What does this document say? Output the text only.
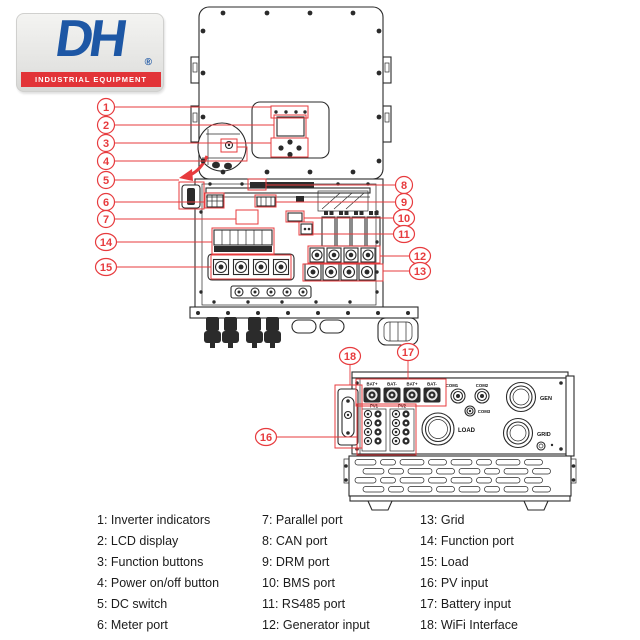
DH	®
INDUSTRIAL EQUIPMENT
BAT+ BAT- BAT+ BAT- COM1	COM2
COM3
PV1	PV2
LOAD
GEN
GRID
1
2
3
4
5
6
7
8
9
10
11
12
13
14
15
16
17
18
1: Inverter indicators
2: LCD display
3: Function buttons
4: Power on/off button
5: DC switch
6: Meter port
7: Parallel port
8: CAN port
9: DRM port
10: BMS port
11: RS485 port
12: Generator input
13: Grid
14: Function port
15: Load
16: PV input
17: Battery input
18: WiFi Interface
